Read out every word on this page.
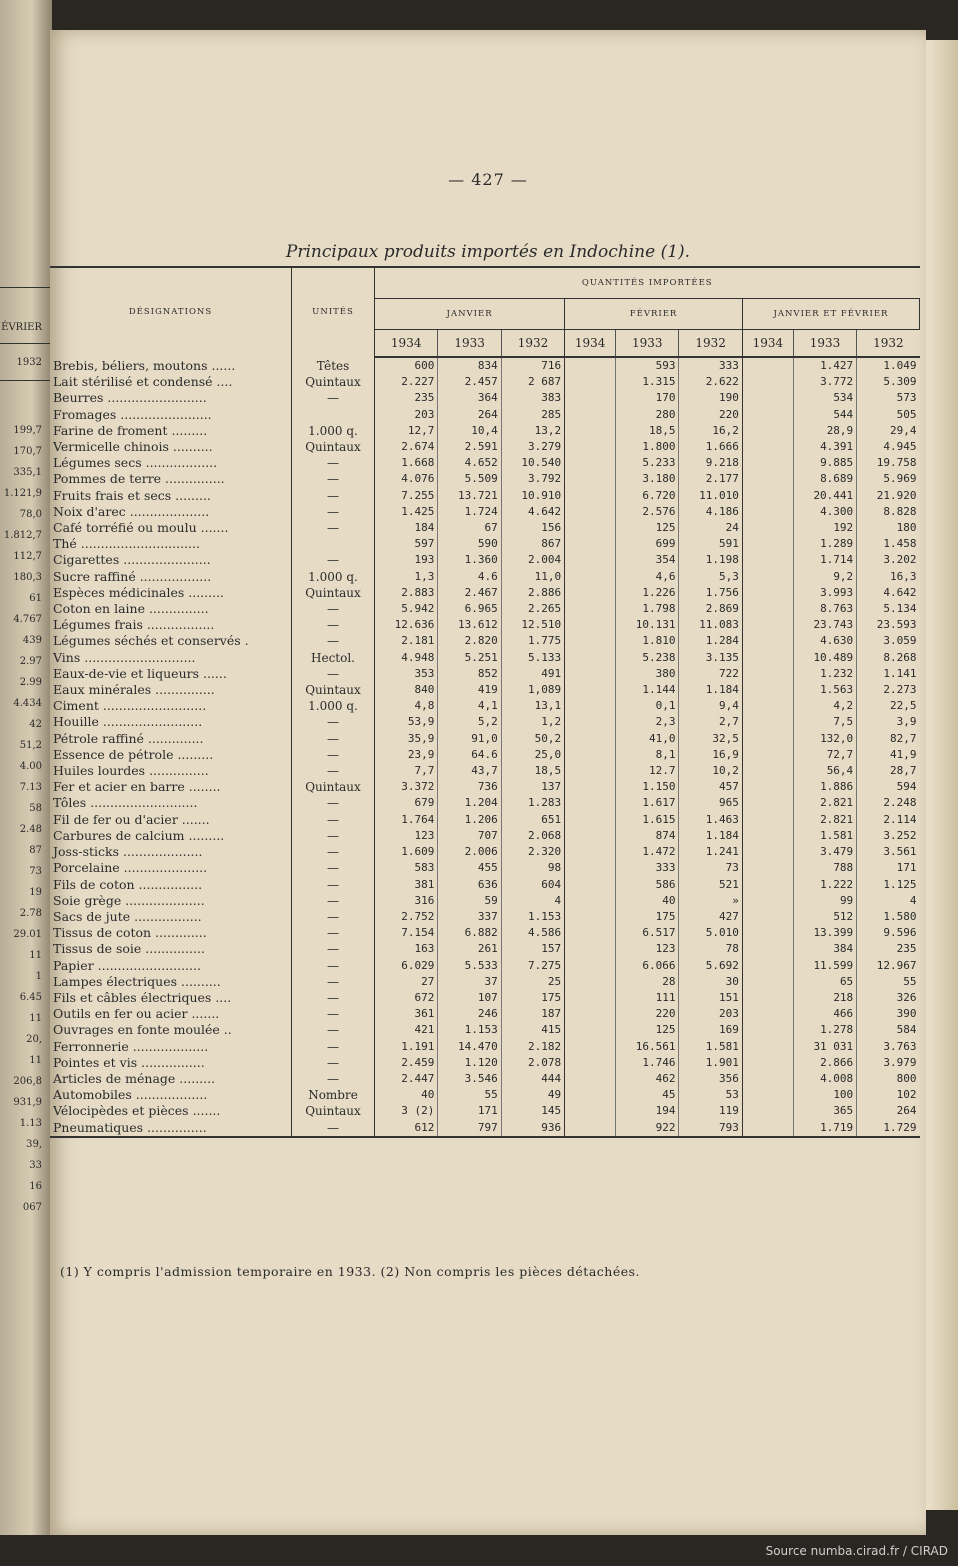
ÉVRIER
1932
199,7
170,7
335,1
1.121,9
78,0
1.812,7
112,7
180,3
61
4.767
439
2.97
2.99
4.434
42
51,2
4.00
7.13
58
2.48
87
73
19
2.78
29.01
11
1
6.45
11
20,
11
206,8
931,9
1.13
39,
33
16
067
— 427 —
Principaux produits importés en Indochine (1).
DÉSIGNATIONS	UNITÉS	QUANTITÉS IMPORTÉES								
		JANVIER			FÉVRIER			JANVIER ET FÉVRIER		
		1934	1933	1932	1934	1933	1932	1934	1933	1932
Brebis, béliers, moutons ......	Têtes	600	834	716		593	333		1.427	1.049
Lait stérilisé et condensé ....	Quintaux	2.227	2.457	2 687		1.315	2.622		3.772	5.309
Beurres .........................	—	235	364	383		170	190		534	573
Fromages .......................		203	264	285		280	220		544	505
Farine de froment .........	1.000 q.	12,7	10,4	13,2		18,5	16,2		28,9	29,4
Vermicelle chinois ..........	Quintaux	2.674	2.591	3.279		1.800	1.666		4.391	4.945
Légumes secs ..................	—	1.668	4.652	10.540		5.233	9.218		9.885	19.758
Pommes de terre ...............	—	4.076	5.509	3.792		3.180	2.177		8.689	5.969
Fruits frais et secs .........	—	7.255	13.721	10.910		6.720	11.010		20.441	21.920
Noix d'arec ....................	—	1.425	1.724	4.642		2.576	4.186		4.300	8.828
Café torréfié ou moulu .......	—	184	67	156		125	24		192	180
Thé ..............................		597	590	867		699	591		1.289	1.458
Cigarettes ......................	—	193	1.360	2.004		354	1.198		1.714	3.202
Sucre raffiné ..................	1.000 q.	1,3	4.6	11,0		4,6	5,3		9,2	16,3
Espèces médicinales .........	Quintaux	2.883	2.467	2.886		1.226	1.756		3.993	4.642
Coton en laine ...............	—	5.942	6.965	2.265		1.798	2.869		8.763	5.134
Légumes frais .................	—	12.636	13.612	12.510		10.131	11.083		23.743	23.593
Légumes séchés et conservés .	—	2.181	2.820	1.775		1.810	1.284		4.630	3.059
Vins ............................	Hectol.	4.948	5.251	5.133		5.238	3.135		10.489	8.268
Eaux-de-vie et liqueurs ......	—	353	852	491		380	722		1.232	1.141
Eaux minérales ...............	Quintaux	840	419	1,089		1.144	1.184		1.563	2.273
Ciment ..........................	1.000 q.	4,8	4,1	13,1		0,1	9,4		4,2	22,5
Houille .........................	—	53,9	5,2	1,2		2,3	2,7		7,5	3,9
Pétrole raffiné ..............	—	35,9	91,0	50,2		41,0	32,5		132,0	82,7
Essence de pétrole .........	—	23,9	64.6	25,0		8,1	16,9		72,7	41,9
Huiles lourdes ...............	—	7,7	43,7	18,5		12.7	10,2		56,4	28,7
Fer et acier en barre ........	Quintaux	3.372	736	137		1.150	457		1.886	594
Tôles ...........................	—	679	1.204	1.283		1.617	965		2.821	2.248
Fil de fer ou d'acier .......	—	1.764	1.206	651		1.615	1.463		2.821	2.114
Carbures de calcium .........	—	123	707	2.068		874	1.184		1.581	3.252
Joss-sticks ....................	—	1.609	2.006	2.320		1.472	1.241		3.479	3.561
Porcelaine .....................	—	583	455	98		333	73		788	171
Fils de coton ................	—	381	636	604		586	521		1.222	1.125
Soie grège ....................	—	316	59	4		40	»		99	4
Sacs de jute .................	—	2.752	337	1.153		175	427		512	1.580
Tissus de coton .............	—	7.154	6.882	4.586		6.517	5.010		13.399	9.596
Tissus de soie ...............	—	163	261	157		123	78		384	235
Papier ..........................	—	6.029	5.533	7.275		6.066	5.692		11.599	12.967
Lampes électriques ..........	—	27	37	25		28	30		65	55
Fils et câbles électriques ....	—	672	107	175		111	151		218	326
Outils en fer ou acier .......	—	361	246	187		220	203		466	390
Ouvrages en fonte moulée ..	—	421	1.153	415		125	169		1.278	584
Ferronnerie ...................	—	1.191	14.470	2.182		16.561	1.581		31 031	3.763
Pointes et vis ................	—	2.459	1.120	2.078		1.746	1.901		2.866	3.979
Articles de ménage .........	—	2.447	3.546	444		462	356		4.008	800
Automobiles ..................	Nombre	40	55	49		45	53		100	102
Vélocipèdes et pièces .......	Quintaux	3 (2)	171	145		194	119		365	264
Pneumatiques ...............	—	612	797	936		922	793		1.719	1.729
(1) Y compris l'admission temporaire en 1933. (2) Non compris les pièces détachées.
Source numba.cirad.fr / CIRAD
